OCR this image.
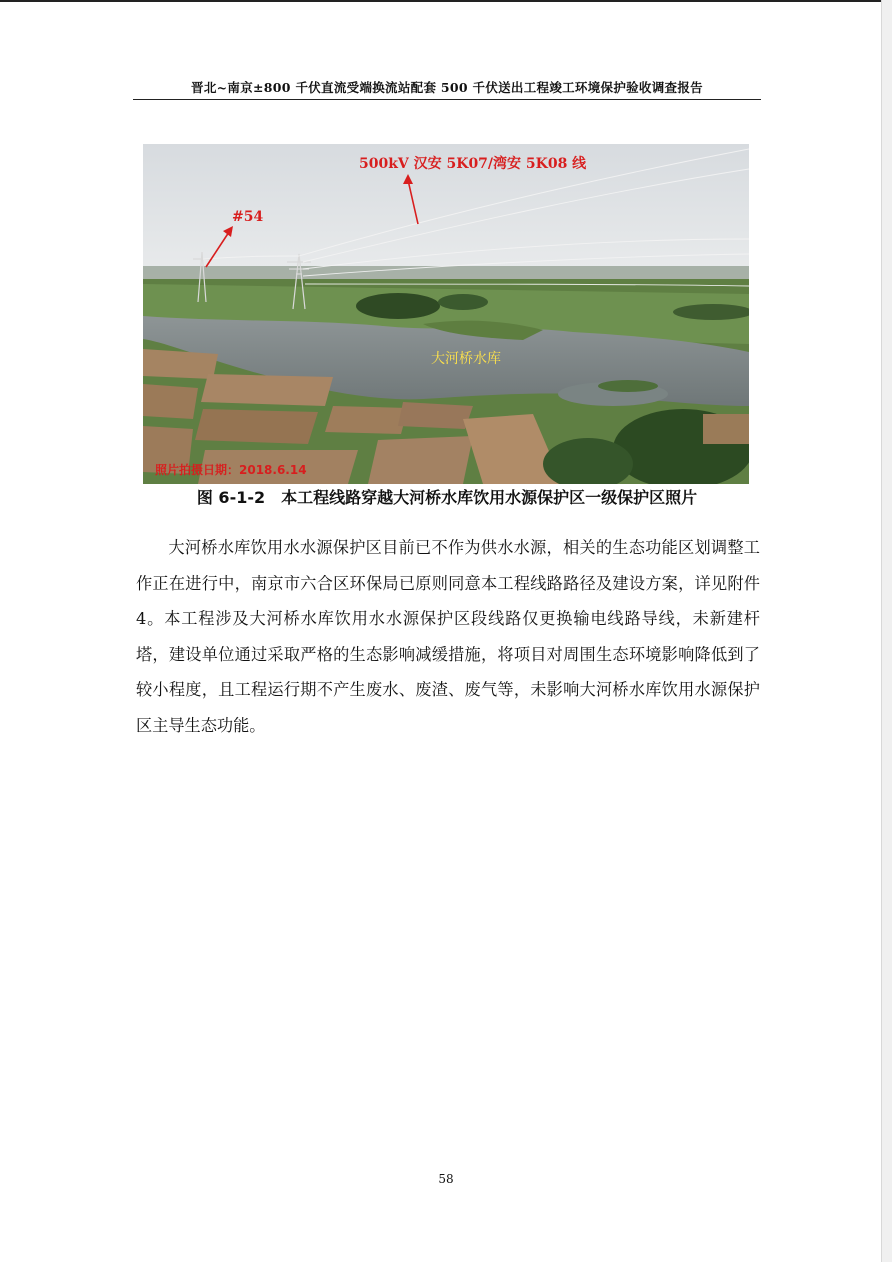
晋北~南京±800 千伏直流受端换流站配套 500 千伏送出工程竣工环境保护验收调查报告
500kV 汉安 5K07/湾安 5K08 线
#54
大河桥水库
照片拍摄日期：2018.6.14
图 6-1-2　本工程线路穿越大河桥水库饮用水源保护区一级保护区照片
大河桥水库饮用水水源保护区目前已不作为供水水源，相关的生态功能区划调整工作正在进行中，南京市六合区环保局已原则同意本工程线路路径及建设方案，详见附件 4。本工程涉及大河桥水库饮用水水源保护区段线路仅更换输电线路导线，未新建杆塔，建设单位通过采取严格的生态影响减缓措施，将项目对周围生态环境影响降低到了较小程度，且工程运行期不产生废水、废渣、废气等，未影响大河桥水库饮用水源保护区主导生态功能。
58
